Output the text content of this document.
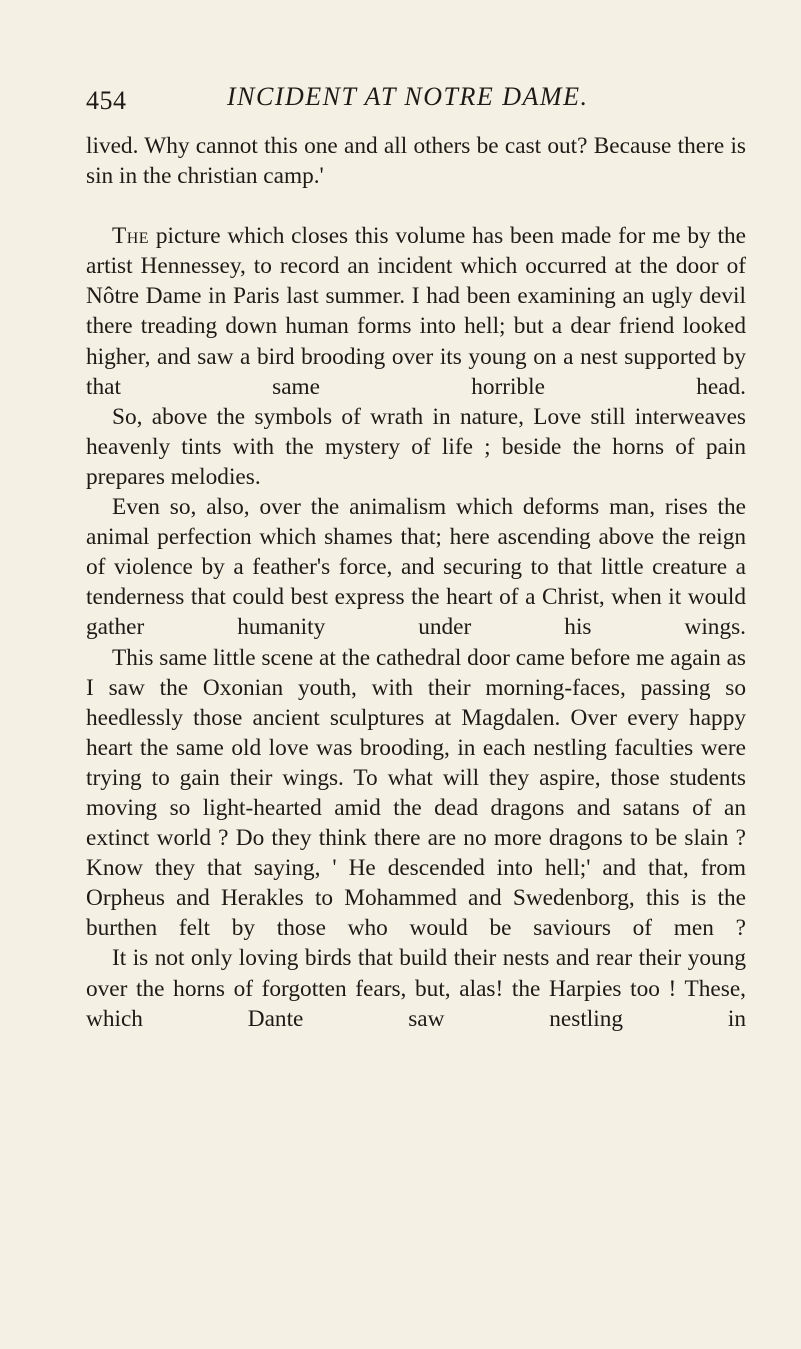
454	INCIDENT AT NOTRE DAME.

lived. Why cannot this one and all others be cast out? Because there is sin in the christian camp.'

The picture which closes this volume has been made for me by the artist Hennessey, to record an incident which occurred at the door of Nôtre Dame in Paris last summer. I had been examining an ugly devil there treading down human forms into hell; but a dear friend looked higher, and saw a bird brooding over its young on a nest supported by that same horrible head.

So, above the symbols of wrath in nature, Love still interweaves heavenly tints with the mystery of life ; beside the horns of pain prepares melodies.

Even so, also, over the animalism which deforms man, rises the animal perfection which shames that; here ascending above the reign of violence by a feather's force, and securing to that little creature a tenderness that could best express the heart of a Christ, when it would gather humanity under his wings.

This same little scene at the cathedral door came before me again as I saw the Oxonian youth, with their morning-faces, passing so heedlessly those ancient sculptures at Magdalen. Over every happy heart the same old love was brooding, in each nestling faculties were trying to gain their wings. To what will they aspire, those students moving so light-hearted amid the dead dragons and satans of an extinct world ? Do they think there are no more dragons to be slain ? Know they that saying, ' He descended into hell;' and that, from Orpheus and Herakles to Mohammed and Swedenborg, this is the burthen felt by those who would be saviours of men ?

It is not only loving birds that build their nests and rear their young over the horns of forgotten fears, but, alas! the Harpies too ! These, which Dante saw nestling in
